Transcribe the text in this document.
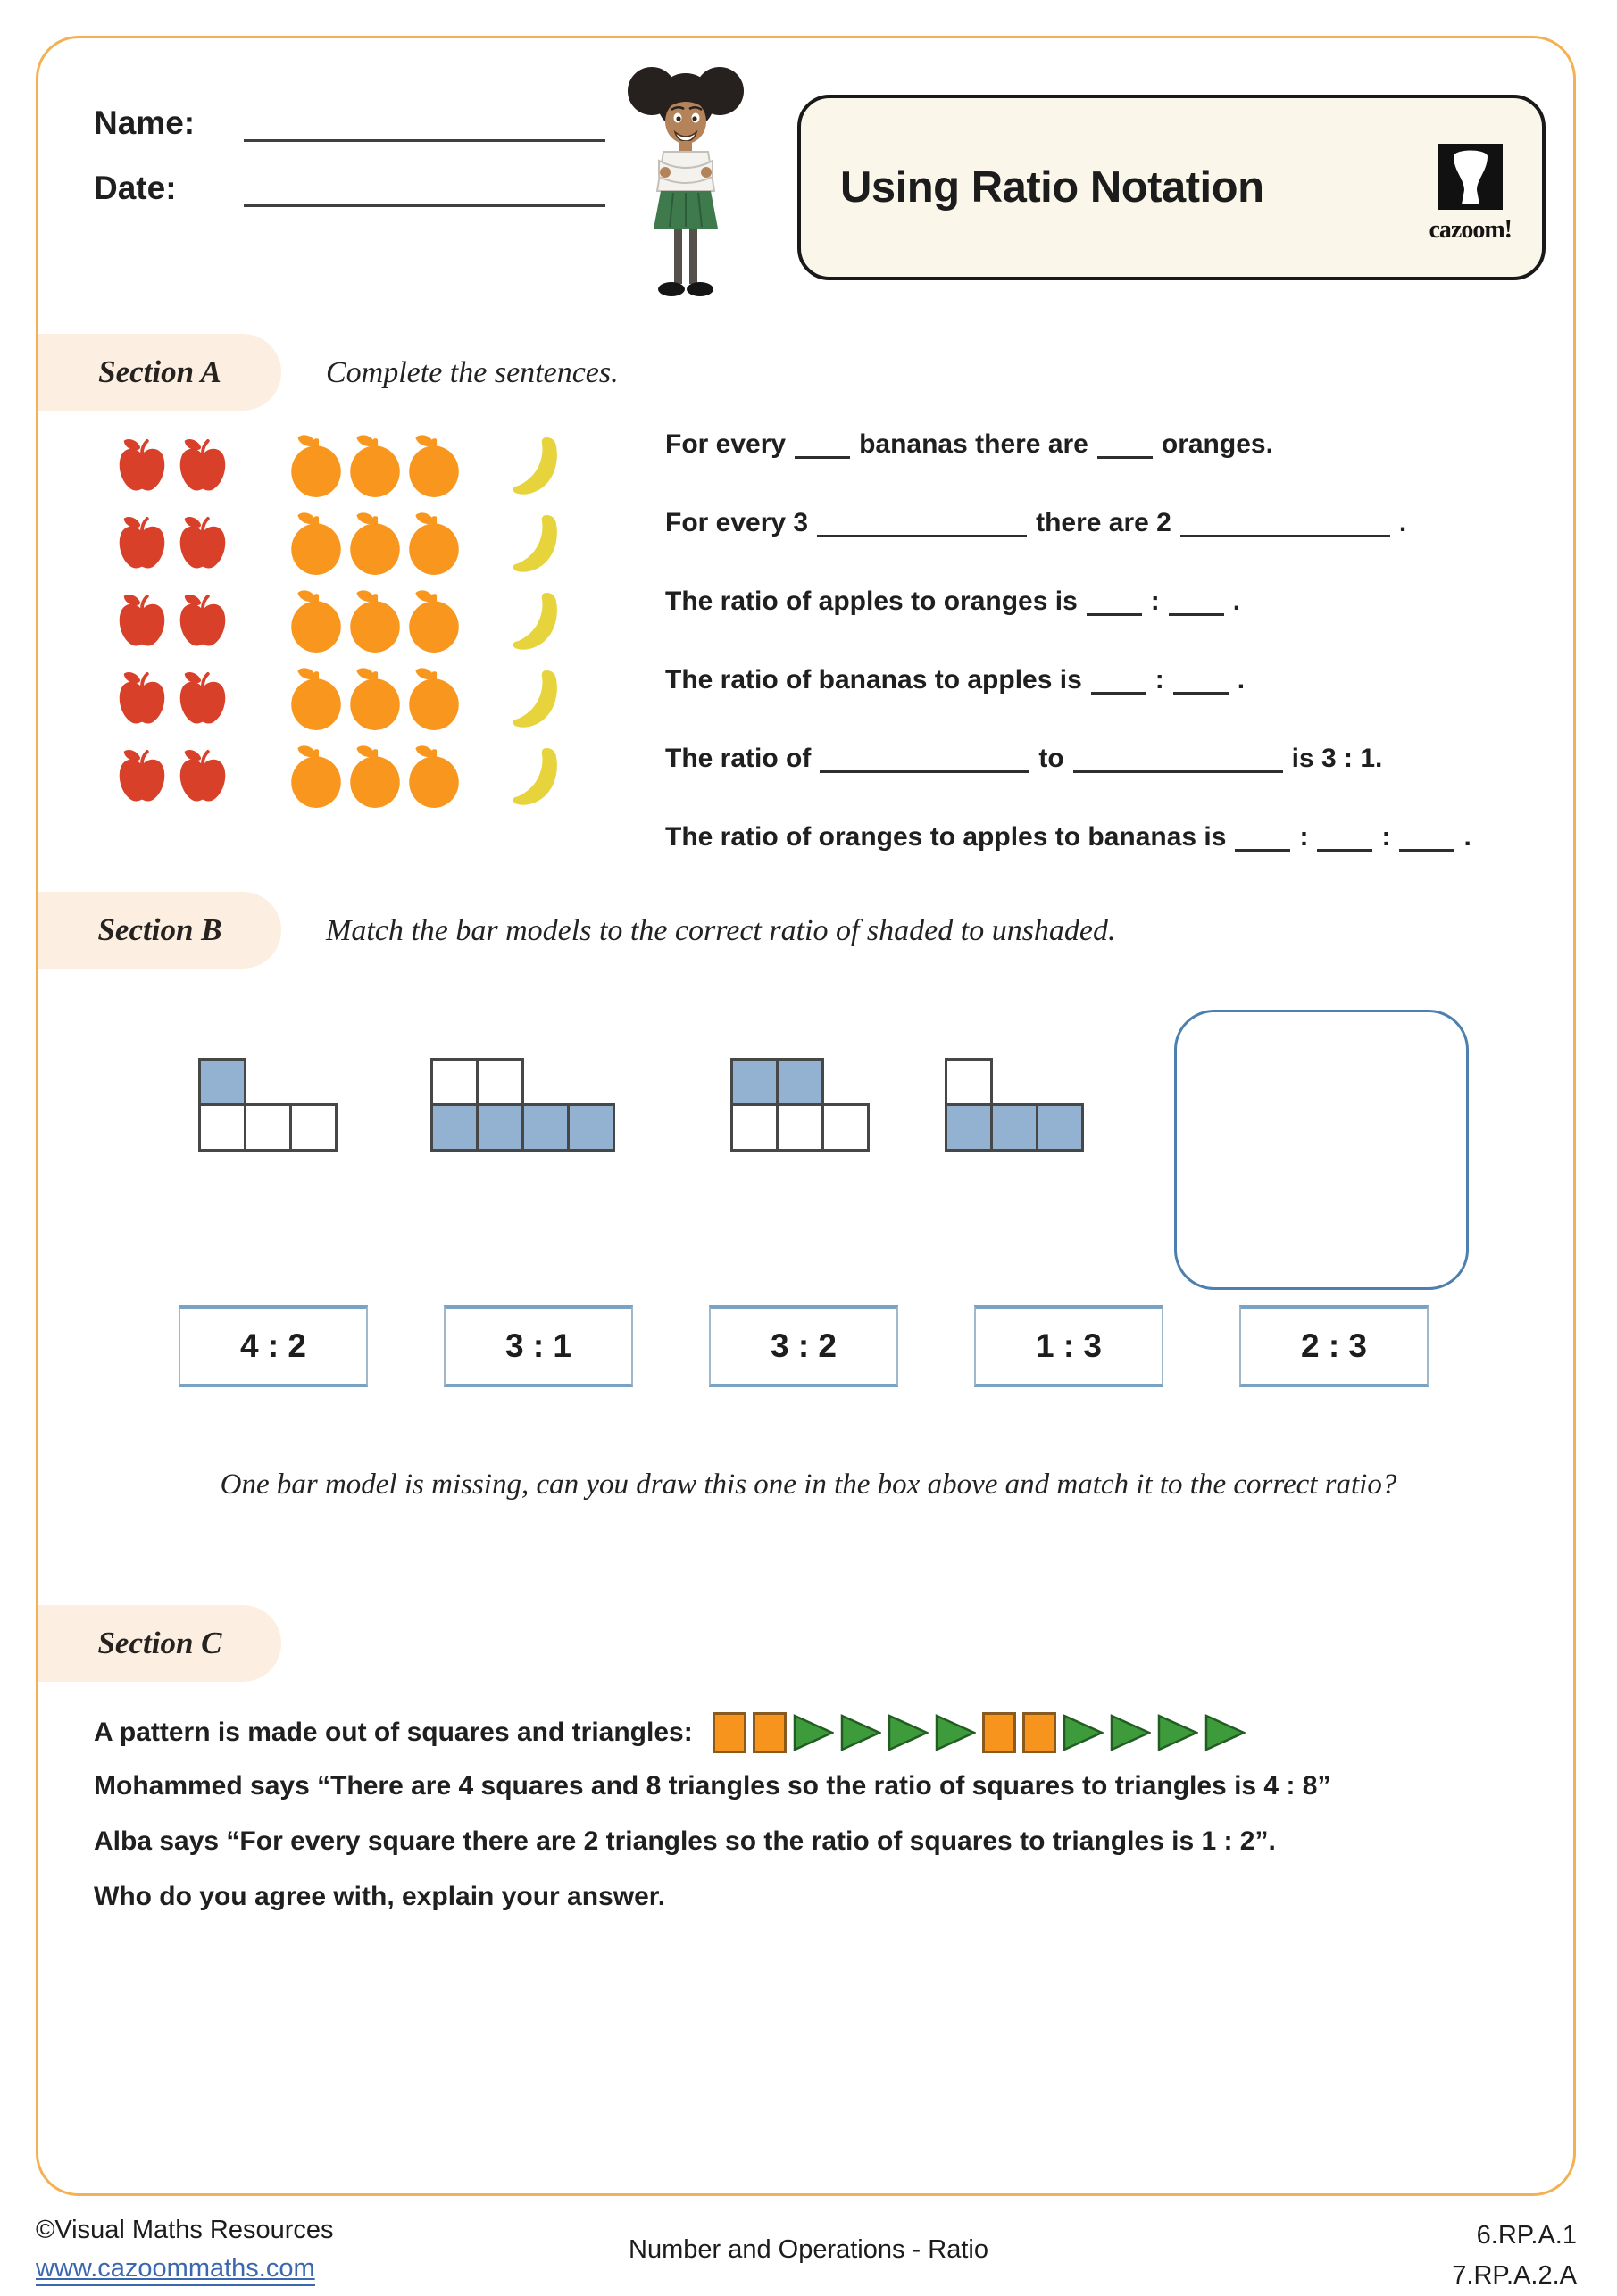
Name:
Date:	Using Ratio Notation
cazoom!
Section A	Complete the sentences.
For every	bananas there are	oranges.
For every 3	there are 2	.
The ratio of apples to oranges is	:	.
The ratio of bananas to apples is	:	.
The ratio of	to	is 3 : 1.
The ratio of oranges to apples to bananas is	:	:	.
Section B	Match the bar models to the correct ratio of shaded to unshaded.
4 : 2	3 : 1	3 : 2	1 : 3	2 : 3
One bar model is missing, can you draw this one in the box above and match it to the correct ratio?
Section C
A pattern is made out of squares and triangles:
Mohammed says “There are 4 squares and 8 triangles so the ratio of squares to triangles is 4 : 8”
Alba says “For every square there are 2 triangles so the ratio of squares to triangles is 1 : 2”.
Who do you agree with, explain your answer.
©Visual Maths Resources
www.cazoommaths.com
Number and Operations - Ratio	6.RP.A.1
7.RP.A.2.A
